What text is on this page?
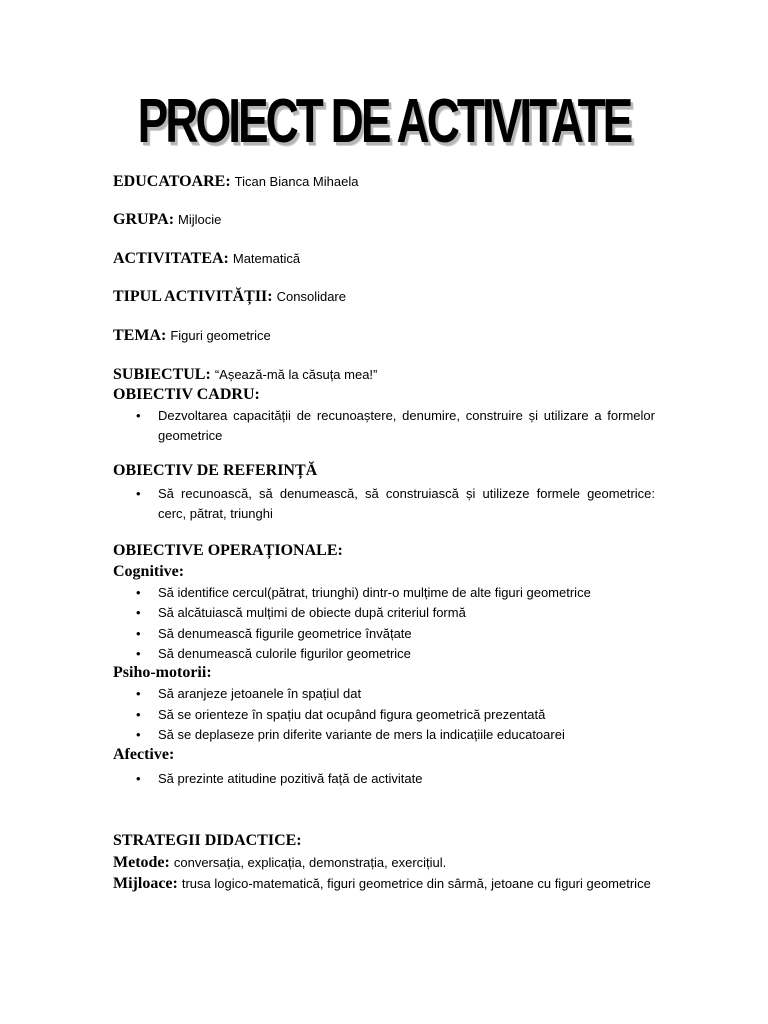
PROIECT DE ACTIVITATE
EDUCATOARE: Tican Bianca Mihaela
GRUPA: Mijlocie
ACTIVITATEA: Matematică
TIPUL ACTIVITĂȚII: Consolidare
TEMA: Figuri geometrice
SUBIECTUL: “Așează-mă la căsuța mea!”
OBIECTIV CADRU:
• Dezvoltarea capacității de recunoaștere, denumire, construire și utilizare a formelor geometrice
OBIECTIV DE REFERINȚĂ
• Să recunoască, să denumească, să construiască și utilizeze formele geometrice: cerc, pătrat, triunghi
OBIECTIVE OPERAȚIONALE:
Cognitive:
• Să identifice cercul(pătrat, triunghi) dintr-o mulțime de alte figuri geometrice
• Să alcătuiască mulțimi de obiecte după criteriul formă
• Să denumească figurile geometrice învățate
• Să denumească culorile figurilor geometrice
Psiho-motorii:
• Să aranjeze jetoanele în spațiul dat
• Să se orienteze în spațiu dat ocupând figura geometrică prezentată
• Să se deplaseze prin diferite variante de mers la indicațiile educatoarei
Afective:
• Să prezinte atitudine pozitivă față de activitate
STRATEGII DIDACTICE:
Metode: conversația, explicația, demonstrația, exercițiul.
Mijloace: trusa logico-matematică, figuri geometrice din sârmă, jetoane cu figuri geometrice
